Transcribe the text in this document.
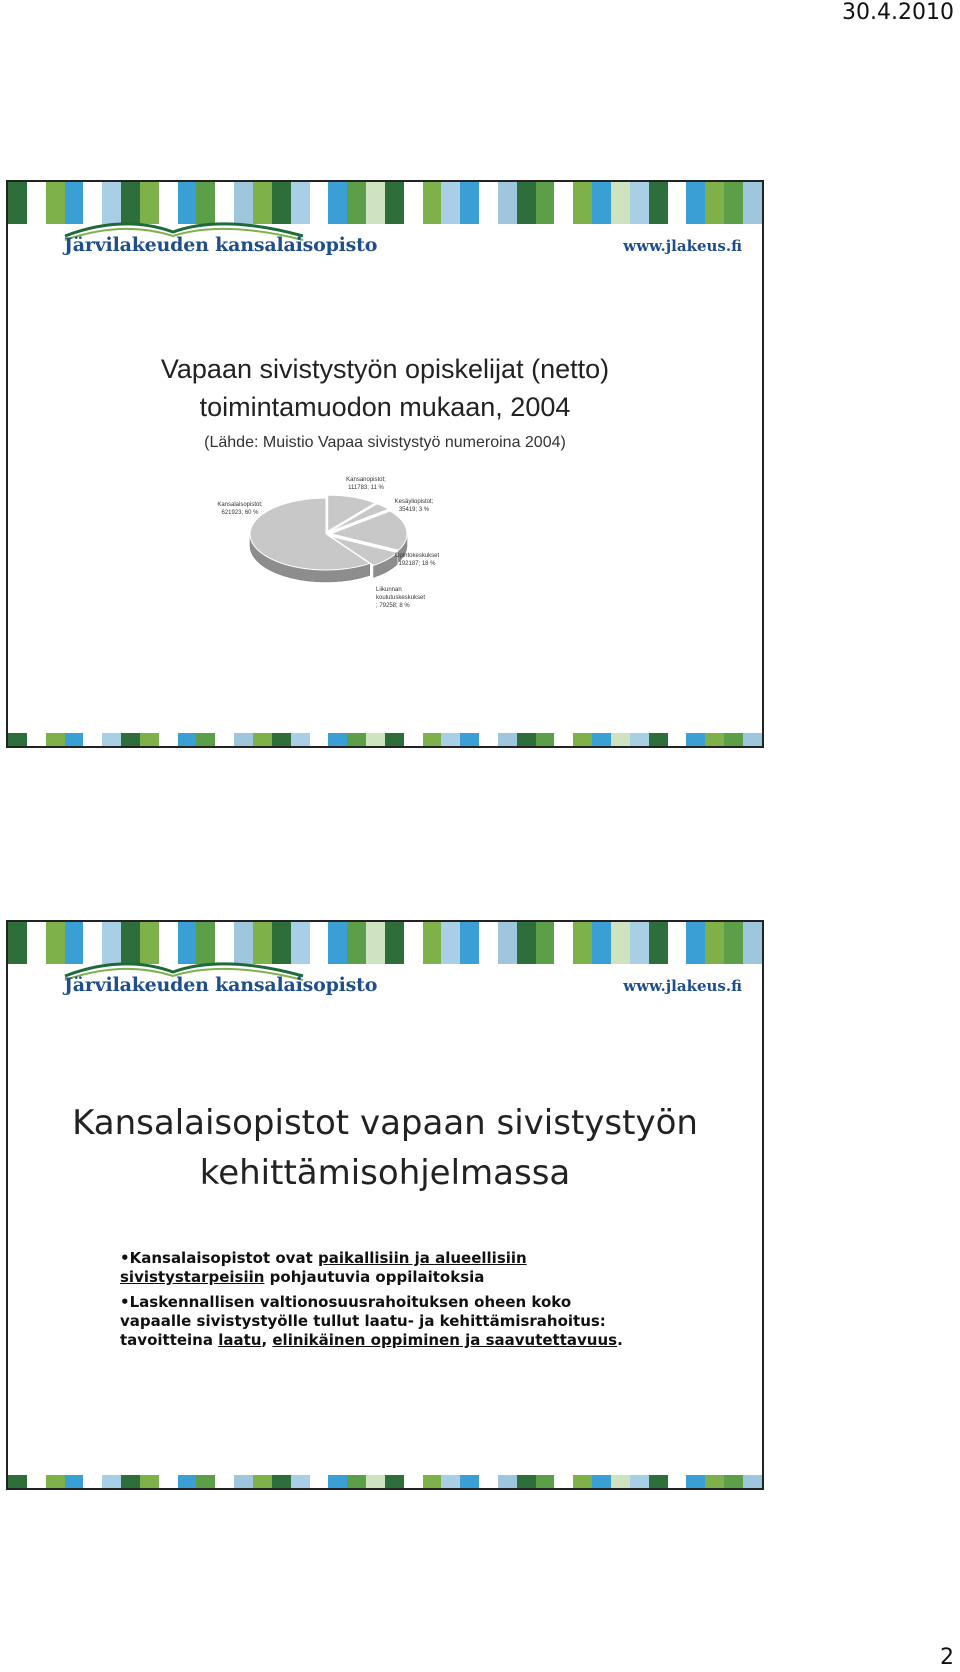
30.4.2010
Järvilakeuden kansalaisopisto	www.jlakeus.fi
Vapaan sivistystyön opiskelijat (netto)
toimintamuodon mukaan, 2004
(Lähde: Muistio Vapaa sivistystyö numeroina 2004)
Kansalaisopistot;
621923; 60 %
Kansanopistot;
111783; 11 %
Kesäyliopistot;
35419; 3 %
Opintokeskukset
192187; 18 %
Liikunnan
koulutuskeskukset
; 79258; 8 %
Järvilakeuden kansalaisopisto	www.jlakeus.fi
Kansalaisopistot vapaan sivistystyön
kehittämisohjelmassa

•Kansalaisopistot ovat paikallisiin ja alueellisiin sivistystarpeisiin pohjautuvia oppilaitoksia

•Laskennallisen valtionosuusrahoituksen oheen koko vapaalle sivistystyölle tullut laatu- ja kehittämisrahoitus: tavoitteina laatu, elinikäinen oppiminen ja saavutettavuus.

2
